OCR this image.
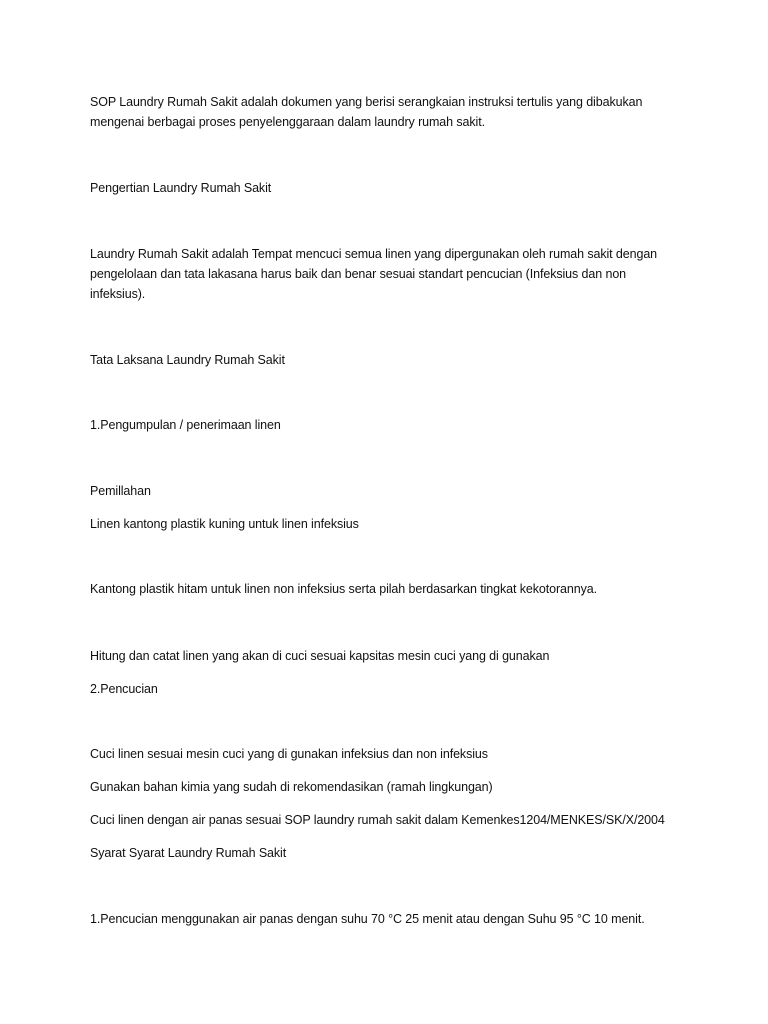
SOP Laundry Rumah Sakit adalah dokumen yang berisi serangkaian instruksi tertulis yang dibakukan
mengenai berbagai proses penyelenggaraan dalam laundry rumah sakit.
Pengertian Laundry Rumah Sakit
Laundry Rumah Sakit adalah Tempat mencuci semua linen yang dipergunakan oleh rumah sakit dengan
pengelolaan dan tata lakasana harus baik dan benar sesuai standart pencucian (Infeksius dan non
infeksius).
Tata Laksana Laundry Rumah Sakit
1.Pengumpulan / penerimaan linen
Pemillahan
Linen kantong plastik kuning untuk linen infeksius
Kantong plastik hitam untuk linen non infeksius serta pilah berdasarkan tingkat kekotorannya.
Hitung dan catat linen yang akan di cuci sesuai kapsitas mesin cuci yang di gunakan
2.Pencucian
Cuci linen sesuai mesin cuci yang di gunakan infeksius dan non infeksius
Gunakan bahan kimia yang sudah di rekomendasikan (ramah lingkungan)
Cuci linen dengan air panas sesuai SOP laundry rumah sakit dalam Kemenkes1204/MENKES/SK/X/2004
Syarat Syarat Laundry Rumah Sakit
1.Pencucian menggunakan air panas dengan suhu 70 °C 25 menit atau dengan Suhu 95 °C 10 menit.
